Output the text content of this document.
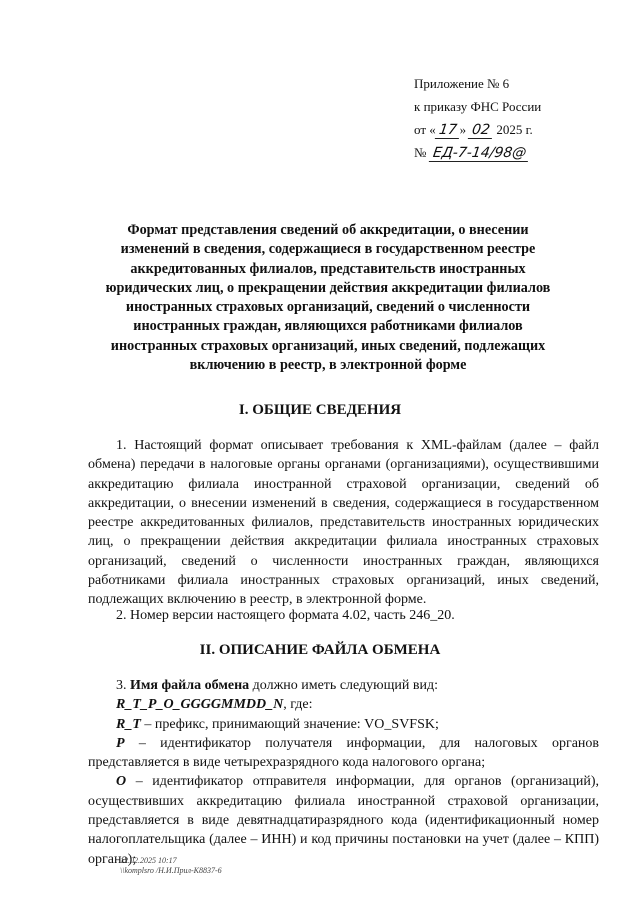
Приложение № 6
к приказу ФНС России
от « 17 » 02 2025 г.
№ ЕД-7-14/98@
Формат представления сведений об аккредитации, о внесении изменений в сведения, содержащиеся в государственном реестре аккредитованных филиалов, представительств иностранных юридических лиц, о прекращении действия аккредитации филиалов иностранных страховых организаций, сведений о численности иностранных граждан, являющихся работниками филиалов иностранных страховых организаций, иных сведений, подлежащих включению в реестр, в электронной форме
I. ОБЩИЕ СВЕДЕНИЯ

1. Настоящий формат описывает требования к XML-файлам (далее – файл обмена) передачи в налоговые органы органами (организациями), осуществившими аккредитацию филиала иностранной страховой организации, сведений об аккредитации, о внесении изменений в сведения, содержащиеся в государственном реестре аккредитованных филиалов, представительств иностранных юридических лиц, о прекращении действия аккредитации филиала иностранных страховых организаций, сведений о численности иностранных граждан, являющихся работниками филиала иностранных страховых организаций, иных сведений, подлежащих включению в реестр, в электронной форме.

2. Номер версии настоящего формата 4.02, часть 246_20.

II. ОПИСАНИЕ ФАЙЛА ОБМЕНА

3. Имя файла обмена должно иметь следующий вид:

R_T_P_O_GGGGMMDD_N, где:

R_T – префикс, принимающий значение: VO_SVFSK;

P – идентификатор получателя информации, для налоговых органов представляется в виде четырехразрядного кода налогового органа;

O – идентификатор отправителя информации, для органов (организаций), осуществивших аккредитацию филиала иностранной страховой организации, представляется в виде девятнадцатиразрядного кода (идентификационный номер налогоплательщика (далее – ИНН) и код причины постановки на учет (далее – КПП) органа);

12.02.2025 10:17
\\komplsro /Н.И.Прил-K8837-6
